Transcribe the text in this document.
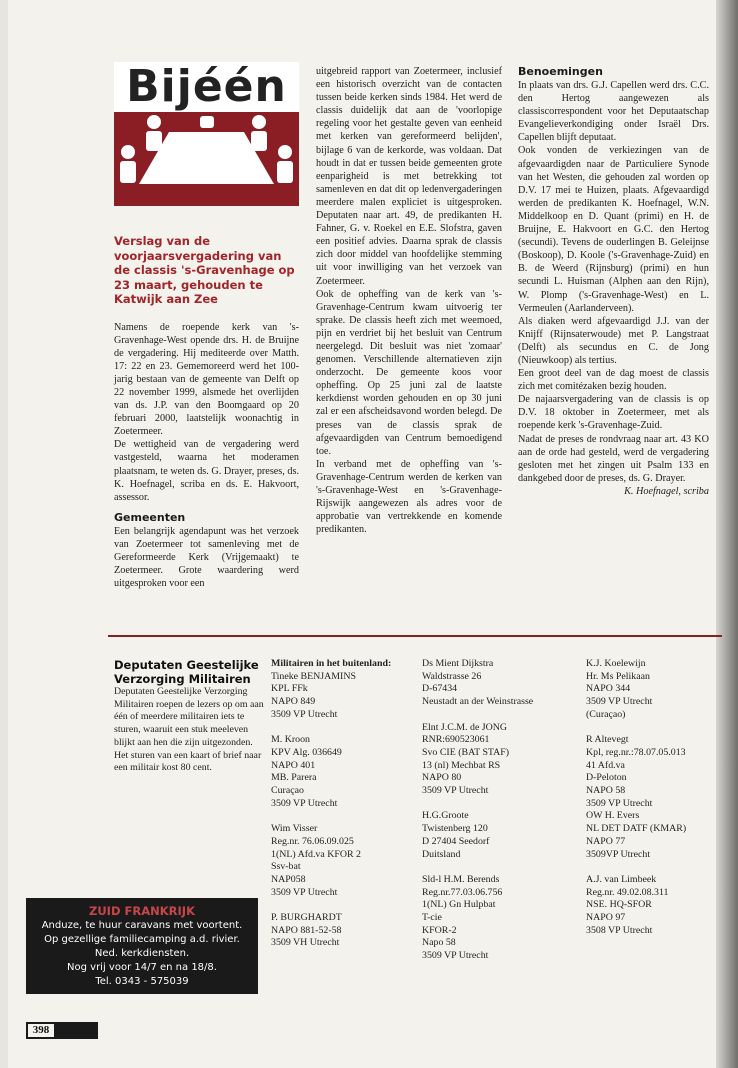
Bijéén
Verslag van de voorjaarsvergadering van de classis 's-Gravenhage op 23 maart, gehouden te Katwijk aan Zee

Namens de roepende kerk van 's-Gravenhage-West opende drs. H. de Bruijne de vergadering. Hij mediteerde over Matth. 17: 22 en 23. Gememoreerd werd het 100-jarig bestaan van de gemeente van Delft op 22 november 1999, alsmede het overlijden van ds. J.P. van den Boomgaard op 20 februari 2000, laatstelijk woonachtig in Zoetermeer.

De wettigheid van de vergadering werd vastgesteld, waarna het moderamen plaatsnam, te weten ds. G. Drayer, preses, ds. K. Hoefnagel, scriba en ds. E. Hakvoort, assessor.

Gemeenten

Een belangrijk agendapunt was het verzoek van Zoetermeer tot samenleving met de Gereformeerde Kerk (Vrijgemaakt) te Zoetermeer. Grote waardering werd uitgesproken voor een

uitgebreid rapport van Zoetermeer, inclusief een historisch overzicht van de contacten tussen beide kerken sinds 1984. Het werd de classis duidelijk dat aan de 'voorlopige regeling voor het gestalte geven van eenheid met kerken van gereformeerd belijden', bijlage 6 van de kerkorde, was voldaan. Dat houdt in dat er tussen beide gemeenten grote eenparigheid is met betrekking tot samenleven en dat dit op ledenvergaderingen meerdere malen expliciet is uitgesproken. Deputaten naar art. 49, de predikanten H. Fahner, G. v. Roekel en E.E. Slofstra, gaven een positief advies. Daarna sprak de classis zich door middel van hoofdelijke stemming uit voor inwilliging van het verzoek van Zoetermeer.

Ook de opheffing van de kerk van 's-Gravenhage-Centrum kwam uitvoerig ter sprake. De classis heeft zich met weemoed, pijn en verdriet bij het besluit van Centrum neergelegd. Dit besluit was niet 'zomaar' genomen. Verschillende alternatieven zijn onderzocht. De gemeente koos voor opheffing. Op 25 juni zal de laatste kerkdienst worden gehouden en op 30 juni zal er een afscheidsavond worden belegd. De preses van de classis sprak de afgevaardigden van Centrum bemoedigend toe.

In verband met de opheffing van 's-Gravenhage-Centrum werden de kerken van 's-Gravenhage-West en 's-Gravenhage-Rijswijk aangewezen als adres voor de approbatie van vertrekkende en komende predikanten.

Benoemingen

In plaats van drs. G.J. Capellen werd drs. C.C. den Hertog aangewezen als classiscorrespondent voor het Deputaatschap Evangelieverkondiging onder Israël Drs. Capellen blijft deputaat.

Ook vonden de verkiezingen van de afgevaardigden naar de Particuliere Synode van het Westen, die gehouden zal worden op D.V. 17 mei te Huizen, plaats. Afgevaardigd werden de predikanten K. Hoefnagel, W.N. Middelkoop en D. Quant (primi) en H. de Bruijne, E. Hakvoort en G.C. den Hertog (secundi). Tevens de ouderlingen B. Geleijnse (Boskoop), D. Koole ('s-Gravenhage-Zuid) en B. de Weerd (Rijnsburg) (primi) en hun secundi L. Huisman (Alphen aan den Rijn), W. Plomp ('s-Gravenhage-West) en L. Vermeulen (Aarlanderveen).

Als diaken werd afgevaardigd J.J. van der Knijff (Rijnsaterwoude) met P. Langstraat (Delft) als secundus en C. de Jong (Nieuwkoop) als tertius.

Een groot deel van de dag moest de classis zich met comitézaken bezig houden.

De najaarsvergadering van de classis is op D.V. 18 oktober in Zoetermeer, met als roepende kerk 's-Gravenhage-Zuid.

Nadat de preses de rondvraag naar art. 43 KO aan de orde had gesteld, werd de vergadering gesloten met het zingen uit Psalm 133 en dankgebed door de preses, ds. G. Drayer.

K. Hoefnagel, scriba

Deputaten Geestelijke Verzorging Militairen

Deputaten Geestelijke Verzorging Militairen roepen de lezers op om aan één of meerdere militairen iets te sturen, waaruit een stuk meeleven blijkt aan hen die zijn uitgezonden. Het sturen van een kaart of brief naar een militair kost 80 cent.

Militairen in het buitenland:

Tineke BENJAMINS

KPL FFk

NAPO 849

3509 VP Utrecht

M. Kroon

KPV Alg. 036649

NAPO 401

MB. Parera

Curaçao

3509 VP Utrecht

Wim Visser

Reg.nr. 76.06.09.025

1(NL) Afd.va KFOR 2

Ssv-bat

NAP058

3509 VP Utrecht

P. BURGHARDT

NAPO 881-52-58

3509 VH Utrecht

Ds Mient Dijkstra

Waldstrasse 26

D-67434

Neustadt an der Weinstrasse

Elnt J.C.M. de JONG

RNR:690523061

Svo CIE (BAT STAF)

13 (nl) Mechbat RS

NAPO 80

3509 VP Utrecht

H.G.Groote

Twistenberg 120

D 27404 Seedorf

Duitsland

Sld-l H.M. Berends

Reg.nr.77.03.06.756

1(NL) Gn Hulpbat

T-cie

KFOR-2

Napo 58

3509 VP Utrecht

K.J. Koelewijn

Hr. Ms Pelikaan

NAPO 344

3509 VP Utrecht

(Curaçao)

R Altevegt

Kpl, reg.nr.:78.07.05.013

41 Afd.va

D-Peloton

NAPO 58

3509 VP Utrecht

OW H. Evers

NL DET DATF (KMAR)

NAPO 77

3509VP Utrecht

A.J. van Limbeek

Reg.nr. 49.02.08.311

NSE. HQ-SFOR

NAPO 97

3508 VP Utrecht

ZUID FRANKRIJK
Anduze, te huur caravans met voortent.
Op gezellige familiecamping a.d. rivier.
Ned. kerkdiensten.
Nog vrij voor 14/7 en na 18/8.
Tel. 0343 - 575039
398
